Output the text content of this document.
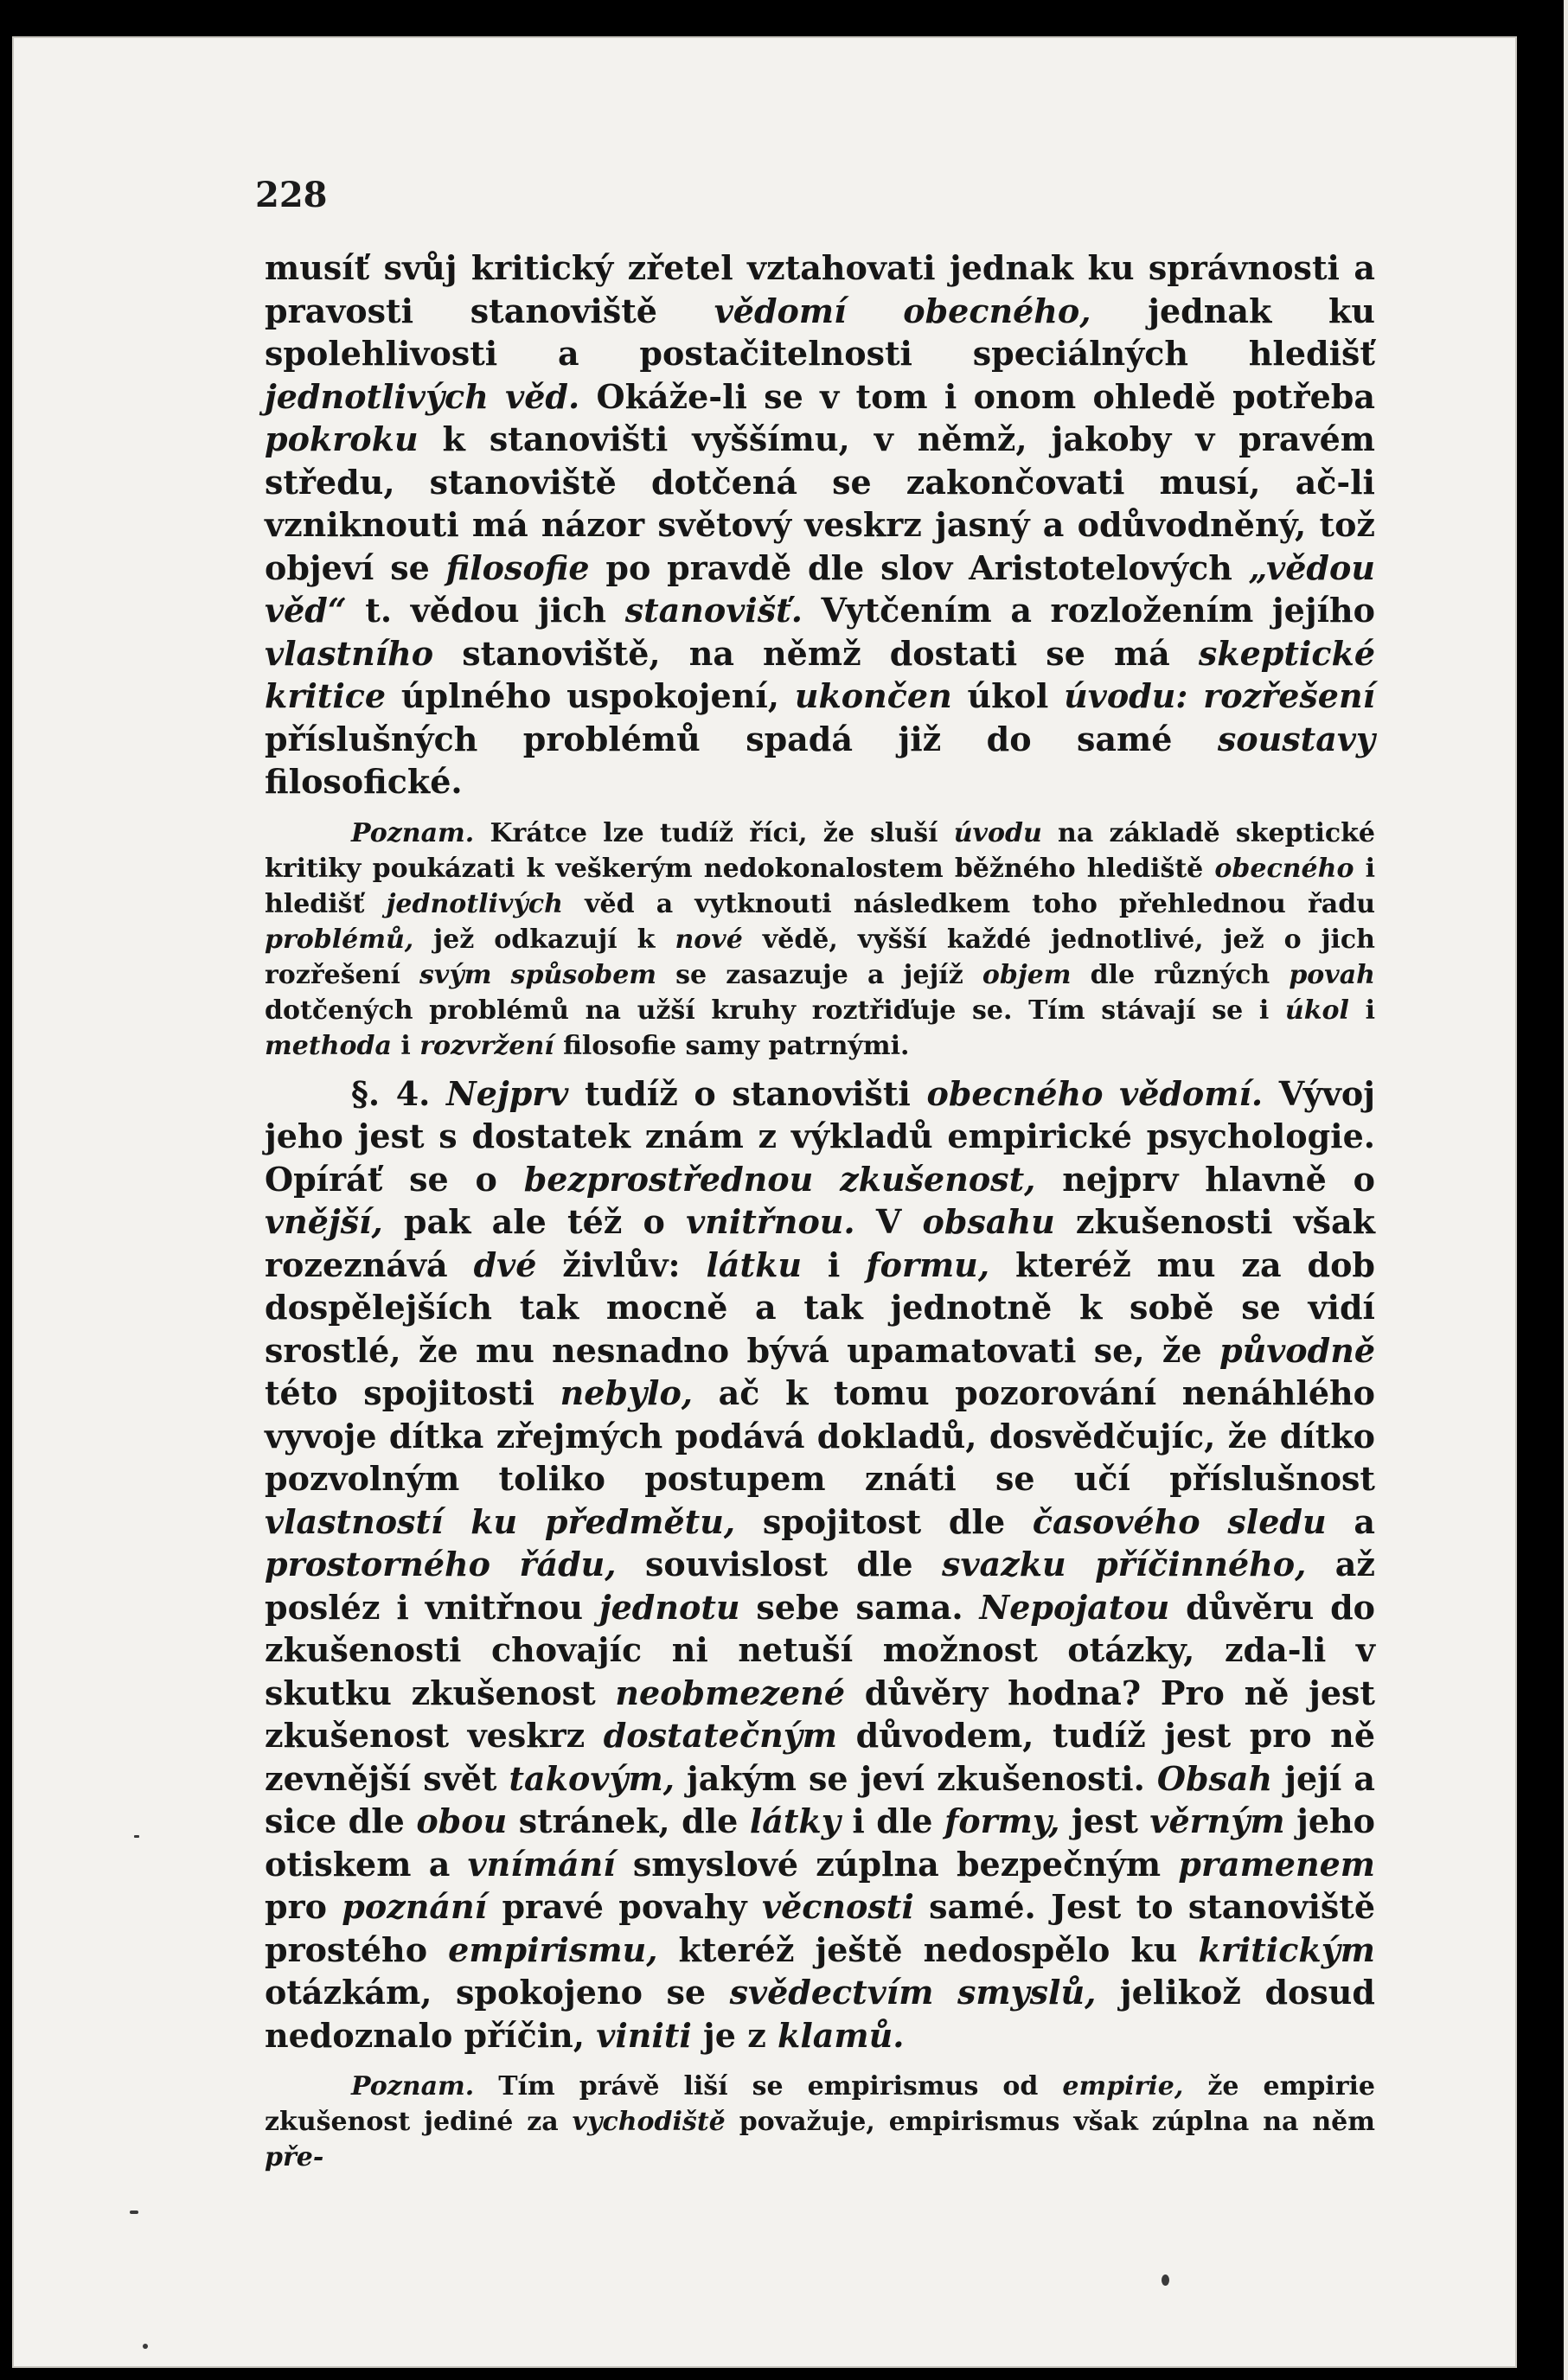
228

musíť svůj kritický zřetel vztahovati jednak ku správnosti a pravosti stanoviště vědomí obecného, jednak ku spolehlivosti a postačitelnosti speciálných hledišť jednotlivých věd. Okáže-li se v tom i onom ohledě potřeba pokroku k stanovišti vyššímu, v němž, jakoby v pravém středu, stanoviště dotčená se zakončovati musí, ač-li vzniknouti má názor světový veskrz jasný a odůvodněný, tož objeví se filosofie po pravdě dle slov Aristotelových „vědou věd“ t. vědou jich stanovišť. Vytčením a rozložením jejího vlastního stanoviště, na němž dostati se má skeptické kritice úplného uspokojení, ukončen úkol úvodu: rozřešení příslušných problémů spadá již do samé soustavy filosofické.

Poznam. Krátce lze tudíž říci, že sluší úvodu na základě skeptické kritiky poukázati k veškerým nedokonalostem běžného hlediště obecného i hledišť jednotlivých věd a vytknouti následkem toho přehlednou řadu problémů, jež odkazují k nové vědě, vyšší každé jednotlivé, jež o jich rozřešení svým spůsobem se zasazuje a jejíž objem dle různých povah dotčených problémů na užší kruhy roztřiďuje se. Tím stávají se i úkol i methoda i rozvržení filosofie samy patrnými.

§. 4. Nejprv tudíž o stanovišti obecného vědomí. Vývoj jeho jest s dostatek znám z výkladů empirické psychologie. Opíráť se o bezprostřednou zkušenost, nejprv hlavně o vnější, pak ale též o vnitřnou. V obsahu zkušenosti však rozeznává dvé živlův: látku i formu, kteréž mu za dob dospělejších tak mocně a tak jednotně k sobě se vidí srostlé, že mu nesnadno bývá upamatovati se, že původně této spojitosti nebylo, ač k tomu pozorování nenáhlého vyvoje dítka zřejmých podává dokladů, dosvědčujíc, že dítko pozvolným toliko postupem znáti se učí příslušnost vlastností ku předmětu, spojitost dle časového sledu a prostorného řádu, souvislost dle svazku příčinného, až posléz i vnitřnou jednotu sebe sama. Nepojatou důvěru do zkušenosti chovajíc ni netuší možnost otázky, zda-li v skutku zkušenost neobmezené důvěry hodna? Pro ně jest zkušenost veskrz dostatečným důvodem, tudíž jest pro ně zevnější svět takovým, jakým se jeví zkušenosti. Obsah její a sice dle obou stránek, dle látky i dle formy, jest věrným jeho otiskem a vnímání smyslové zúplna bezpečným pramenem pro poznání pravé povahy věcnosti samé. Jest to stanoviště prostého empirismu, kteréž ještě nedospělo ku kritickým otázkám, spokojeno se svědectvím smyslů, jelikož dosud nedoznalo příčin, viniti je z klamů.

Poznam. Tím právě liší se empirismus od empirie, že empirie zkušenost jediné za vychodiště považuje, empirismus však zúplna na něm pře-
